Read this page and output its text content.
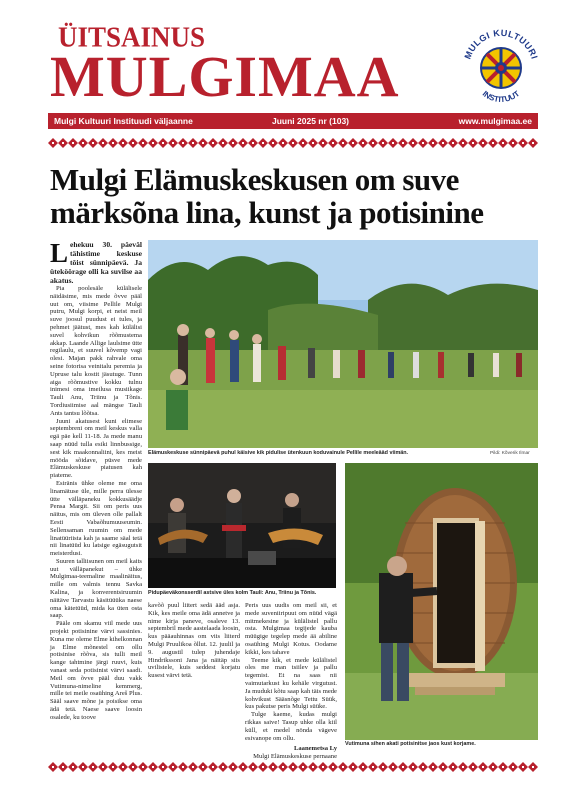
ÜITSAINUS
MULGIMAA	MULGI KULTUURI
INSTITUUT
Mulgi Kultuuri Instituudi väljaanne	Juuni 2025 nr (103)	www.mulgimaa.ee
Mulgi Elämuskeskusen om suve märksõna lina, kunst ja potisinine

Lehekuu 30. päeväl tähistime keskuse tõist sünnipäevä. Ja üteköörage olli ka suvilse aa akatus.

Pia poolesäle külälisele näidäsime, mis mede õvve pääl uut om, viisime Pellile Mulgi putru, Mulgi korpi, et neist meil suve joosul puudust ei tules, ja pehmet jäätust, mes kah külälisi suvel kohvikun rõõmustema akkap. Laande Allige laulsime ütte regilaulu, et suuvel kõvemp vagi olesi. Majan pakk rahvale oma seine fotorisa veinitalu peremia ja Upruse talu kostit jäsutuge. Tunn aiga rõõmustive kokku tulnu inimesi oma imeilusa musiikage Tauli Anu, Triinu ja Tõnis. Tordiusiimise aal mängse Tauli Ants tantsu lõõtsa.

Juuni akatusest kuni elimese septembreni om meil keskus valla egä päe kell 11-18. Ja mede manu saap nüüd tulla esiki linnbussige, sest kik maakonnaliini, kes meist mööda sõidave, püsve mede Elämuskeskuse piatusen kah piateme.

Esiränis ühke oleme me oma linamätuse üle, mille perra ülesse ütte välläpaneku kokkusäädje Pensa Margit. Sii om peris uus näitus, mis om üleven olle pallalt Eesti Vabaõhumuuseumin. Sellensaman ruumin om mede linatüüriista kah ja saame säal tetä nii linatüüd ku latsige egäsugutsit meisterdusi.

Suuren talliisunen om meil kaits uut välläpanekut – ühke Mulgimaa-teemaline maalinäitus, mille om valmis tennu Savka Kalina, ja konverentsiruumin näitäve Tarvastu käsitüüüka naese oma kätetüüd, mida ka üten osta saap.

Pääle om skamu viil mede uus projekt potisinine värvi sassinies. Kuna me oleme Elme kihelkonnan ja Elme mõnestel om ollu potisinise rõõva, sis tulli meil kange tahtmine järgi ruuvi, kuis vanast seda potisinist värvi saadi. Meil om õvve pääl duu vakk Vutimuna-nimeline kemmerg, mille tei meile osaühing Areš Plus. Sääl saave mõne ja poisikse oma ädä tetä. Naese saave loosin osalede, ku toove

Elämuskeskuse sünnipäevä puhul käisive kik pidulise ütenkuun koduvainule Pellile meeleääd viimän.	Pildi: Kõverik Ilmar
Pidupäeväkonsserdil astsive üles kolm Tauli: Anu, Triinu ja Tõnis.
Vutimuna sihen akati potisinitse jaos kust korjame.

kavõõ puul liitert sedä ääd asja. Kik, kes meile oma ädä annetve ja nime kirja paneve, osaleve 13. septembril mede aastelaada loosin, kus pääauhinnas om viis liiterd Mulgi Pruulikoa õllut. 12. juulil ja 9. augustil tulep juhendaje Hindrikssoni Jana ja näitäp siis uvilistele, kuis seddest korjatu kusest värvi tetä.

Peris uus uudis om meil sii, et mede suveniiripuut om nüüd vägä mitmekesine ja külälistel pallu osta. Mulgimaa tegijede kauba müügige tegelep mede ää abiline osaühing Mulgi Kotus. Oodame kikki, kes tahave

Teeme kik, et mede külälistel oles me man tsiilev ja pallu tegemist. Et na saas nii vaimutarkust ku kehäle virgutust. Ja muduki kõtu saap kah täis mede kohvikust Sääsnõge Tettu Süük, kus pakutse peris Mulgi süüke.

Tulge kaeme, kudas mulgi rikkas saive! Tasup uhke olla kiil küll, et medel nönda vägeve esivanope om ollu.

Laanemetsa Ly
Mulgi Elämuskeskuse pernaane
